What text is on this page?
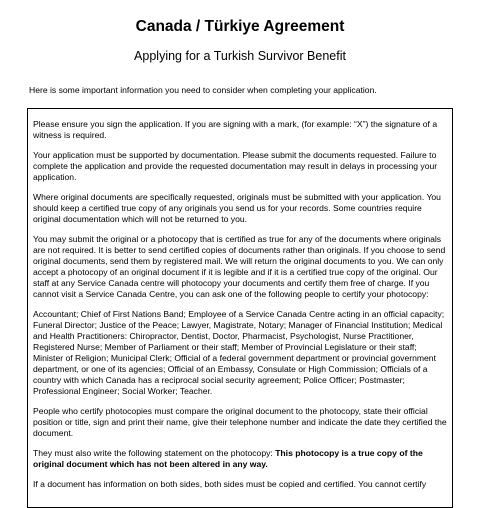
Canada / Türkiye Agreement
Applying for a Turkish Survivor Benefit

Here is some important information you need to consider when completing your application.

Please ensure you sign the application. If you are signing with a mark, (for example: “X”) the signature of a witness is required.

Your application must be supported by documentation. Please submit the documents requested. Failure to complete the application and provide the requested documentation may result in delays in processing your application.

Where original documents are specifically requested, originals must be submitted with your application. You should keep a certified true copy of any originals you send us for your records. Some countries require original documentation which will not be returned to you.

You may submit the original or a photocopy that is certified as true for any of the documents where originals are not required. It is better to send certified copies of documents rather than originals. If you choose to send original documents, send them by registered mail. We will return the original documents to you. We can only accept a photocopy of an original document if it is legible and if it is a certified true copy of the original. Our staff at any Service Canada centre will photocopy your documents and certify them free of charge. If you cannot visit a Service Canada Centre, you can ask one of the following people to certify your photocopy:

Accountant; Chief of First Nations Band; Employee of a Service Canada Centre acting in an official capacity; Funeral Director; Justice of the Peace; Lawyer, Magistrate, Notary; Manager of Financial Institution; Medical and Health Practitioners: Chiropractor, Dentist, Doctor, Pharmacist, Psychologist, Nurse Practitioner, Registered Nurse; Member of Parliament or their staff; Member of Provincial Legislature or their staff; Minister of Religion; Municipal Clerk; Official of a federal government department or provincial government department, or one of its agencies; Official of an Embassy, Consulate or High Commission; Officials of a country with which Canada has a reciprocal social security agreement; Police Officer; Postmaster; Professional Engineer; Social Worker; Teacher.

People who certify photocopies must compare the original document to the photocopy, state their official position or title, sign and print their name, give their telephone number and indicate the date they certified the document.

They must also write the following statement on the photocopy: This photocopy is a true copy of the original document which has not been altered in any way.

If a document has information on both sides, both sides must be copied and certified. You cannot certify
